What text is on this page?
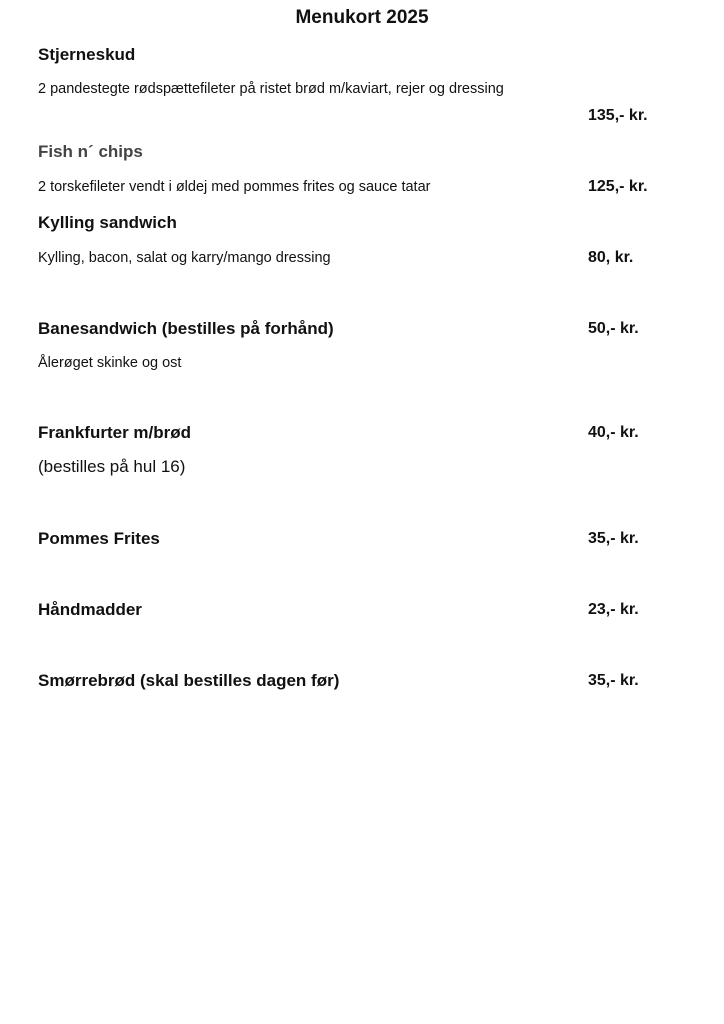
Menukort 2025
Stjerneskud
2 pandestegte rødspættefileter på ristet brød m/kaviart, rejer og dressing
135,- kr.
Fish n´ chips
2 torskefileter vendt i øldej med pommes frites og sauce tatar	125,- kr.
Kylling sandwich
Kylling, bacon, salat og karry/mango dressing	80, kr.
Banesandwich (bestilles på forhånd)	50,- kr.
Ålerøget skinke og ost
Frankfurter m/brød	40,- kr.
(bestilles på hul 16)
Pommes Frites	35,- kr.
Håndmadder	23,- kr.
Smørrebrød (skal bestilles dagen før)	35,- kr.
